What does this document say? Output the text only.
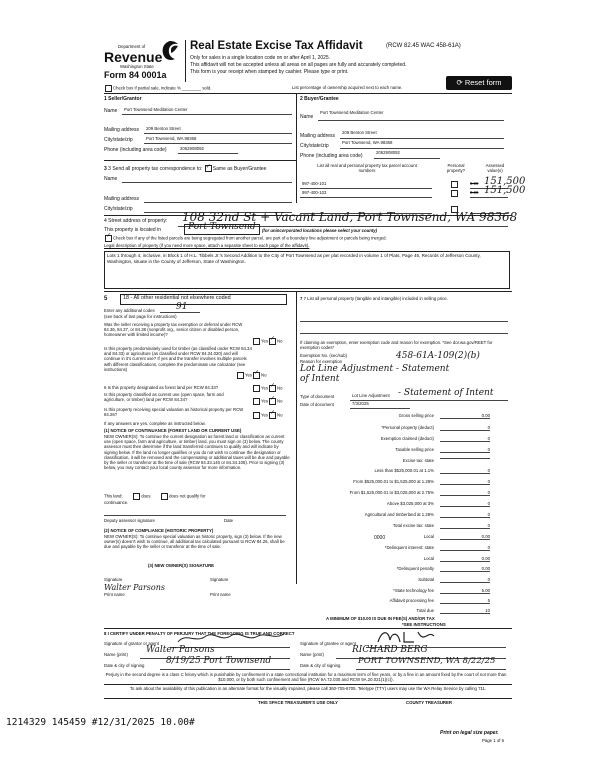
Department of
Revenue
Washington State
Form 84 0001a
Real Estate Excise Tax Affidavit	(RCW 82.45 WAC 458-61A)
Only for sales in a single location code on or after April 1, 2025.
This affidavit will not be accepted unless all areas on all pages are fully and accurately completed.
This form is your receipt when stamped by cashier. Please type or print.
⟳ Reset form
Check box if partial sale, indicate % ________ sold.	List percentage of ownership acquired next to each name.
1 Seller/Grantor
Name Port Townsend Meditation Center
Mailing address 209 Benton Street
City/state/zip	Port Townsend, WA 98368
Phone (including area code)	2062908092
2 Buyer/Grantee
Name
Port Townsend Meditation Center
Mailing address
209 Benton Street
City/state/zip
Port Townsend, WA 98368
Phone (including area code)
2062908092
3 3 Send all property tax correspondence to: ✓ Same as Buyer/Grantee
Name
Mailing address
City/state/zip
List all real and personal property tax parcel account numbers
Personal property?
Assessed value(s)
997-400-101	0.00 151,500
997-400-103	0.00 151,500
4 Street address of property: 108 32nd St + Vacant Land, Port Townsend, WA 98368
This property is located in	Port Townsend (for unincorporated locations please select your county)
✓Check box if any of the listed parcels are being segregated from another parcel, are part of a boundary line adjustment or parcels being merged.
Legal description of property (if you need more space, attach a separate sheet to each page of the affidavit).
Lots 1 through 4, inclusive, in Block 1 of H.L. Tibbels Jr.'s Second Addition to the City of Port Townsend as per plat recorded in volume 1 of Plats, Page 46, Records of Jefferson County, Washington, situate in the County of Jefferson, State of Washington.
5	18 - All other residential not elsewhere coded
Enter any additional codes 91
(see back of last page for instructions)
Was the seller receiving a property tax exemption or deferral under RCW 84.36, 84.37, or 84.38 (nonprofit org., senior citizen or disabled person, homeowner with limited income)?
Yes ✓ No
Is this property predominately used for timber (as classified under RCW 84.34 and 84.33) or agriculture (as classified under RCW 84.34.020) and will continue in it's current use? If yes and the transfer involves multiple parcels with different classifications, complete the predominate use calculator (see instructions)
Yes ✓ No
6 Is this property designated as forest land per RCW 84.33?	Yes ✓ No
Is this property classified as current use (open space, farm and agriculture, or timber) land per RCW 84.34?	Yes ✓ No
Is this property receiving special valuation as historical property per RCW 84.26?	Yes ✓ No
If any answers are yes, complete as instructed below.
(1) NOTICE OF CONTINUANCE (FOREST LAND OR CURRENT USE)
NEW OWNER(S): To continue the current designation as forest land or classification as current use (open space, farm and agriculture, or timber) land, you must sign on (3) below. The county assessor must then determine if the land transferred continues to qualify and will indicate by signing below. If the land no longer qualifies or you do not wish to continue the designation or classification, it will be removed and the compensating or additional taxes will be due and payable by the seller or transferor at the time of sale (RCW 84.33.140 or 84.34.108). Prior to signing (3) below, you may contact your local county assessor for more information.
This land:	does	does not qualify for
continuance.
Deputy assessor signature	Date
(2) NOTICE OF COMPLIANCE (HISTORIC PROPERTY)
NEW OWNER(S): To continue special valuation as historic property, sign (3) below. If the new owner(s) doesn't wish to continue, all additional tax calculated pursuant to RCW 84.26, shall be due and payable by the seller or transferor at the time of sale.
(3) NEW OWNER(S) SIGNATURE
Signature	Signature
Walter Parsons
Print name	Print name
7 7 List all personal property (tangible and intangible) included in selling price.
If claiming an exemption, enter exemption code and reason for exemption. *See dor.wa.gov/REET for exemption codes*
Exemption No. (sec/sub)	458-61A-109(2)(b)
Reason for exemption
Lot Line Adjustment - Statement of Intent
Type of document	Lot Line Adjustment - Statement of Intent
Date of document	7/3/2025
Gross selling price	0.00
*Personal property (deduct)	0
Exemption claimed (deduct)	0
Taxable selling price	0
Excise tax: state
Less than $525,000.01 at 1.1%	0
From $525,000.01 to $1,525,000 at 1.28%	0
From $1,525,000.01 to $3,025,000 at 2.75%	0
Above $3,025,000 at 3%	0
Agricultural and timberland at 1.28%	0
Total excise tax: state	0
Local	0.00
*Delinquent interest: state	0
Local	0.00
*Delinquent penalty	0.00
Subtotal	0
*State technology fee	5.00
Affidavit processing fee	5
Total due	10
0000
A MINIMUM OF $10.00 IS DUE IN FEE(S) AND/OR TAX
*SEE INSTRUCTIONS
8 I CERTIFY UNDER PENALTY OF PERJURY THAT THE FOREGOING IS TRUE AND CORRECT
Signature of grantor or agent
Name (print) Walter Parsons
Date & city of signing 8/19/25 Port Townsend
Signature of grantee or agent
Name (print)	RICHARD BERG
Date & city of signing PORT TOWNSEND, WA 8/22/25
Perjury in the second degree is a class C felony which is punishable by confinement in a state correctional institution for a maximum term of five years, or by a fine in an amount fixed by the court of not more than $10,000, or by both such confinement and fine (RCW 9A.72.030 and RCW 9A.20.021(1)(c)).
To ask about the availability of this publication in an alternate format for the visually impaired, please call 360-705-6705. Teletype (TTY) users may use the WA Relay Service by calling 711.
THIS SPACE TREASURER'S USE ONLY	COUNTY TREASURER
1214329 145459 #12/31/2025 10.00#
Print on legal size paper.
Page 1 of 6
